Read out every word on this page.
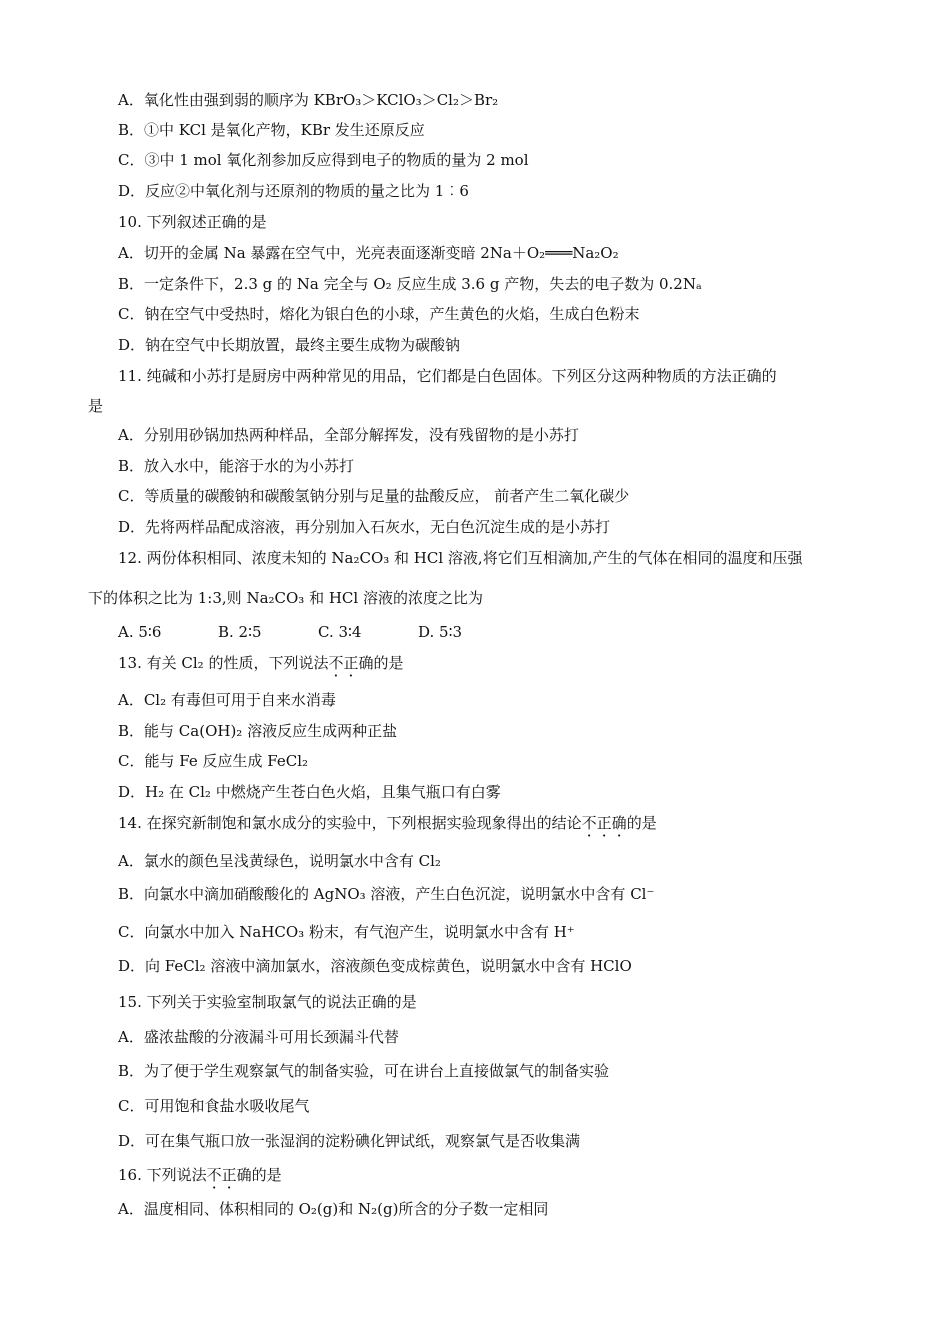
A．氧化性由强到弱的顺序为 KBrO₃＞KClO₃＞Cl₂＞Br₂
B．①中 KCl 是氧化产物，KBr 发生还原反应
C．③中 1 mol 氧化剂参加反应得到电子的物质的量为 2 mol
D．反应②中氧化剂与还原剂的物质的量之比为 1︰6
10. 下列叙述正确的是
A．切开的金属 Na 暴露在空气中，光亮表面逐渐变暗 2Na＋O₂═══Na₂O₂
B．一定条件下，2.3 g 的 Na 完全与 O₂ 反应生成 3.6 g 产物，失去的电子数为 0.2Nₐ
C．钠在空气中受热时，熔化为银白色的小球，产生黄色的火焰，生成白色粉末
D．钠在空气中长期放置，最终主要生成物为碳酸钠
11. 纯碱和小苏打是厨房中两种常见的用品，它们都是白色固体。下列区分这两种物质的方法正确的
是
A．分别用砂锅加热两种样品，全部分解挥发，没有残留物的是小苏打
B．放入水中，能溶于水的为小苏打
C．等质量的碳酸钠和碳酸氢钠分别与足量的盐酸反应， 前者产生二氧化碳少
D．先将两样品配成溶液，再分别加入石灰水，无白色沉淀生成的是小苏打
12. 两份体积相同、浓度未知的 Na₂CO₃ 和 HCl 溶液,将它们互相滴加,产生的气体在相同的温度和压强
下的体积之比为 1:3,则 Na₂CO₃ 和 HCl 溶液的浓度之比为
A. 5∶6	B. 2∶5	C. 3∶4	D. 5∶3
13. 有关 Cl₂ 的性质，下列说法不正确的是
A．Cl₂ 有毒但可用于自来水消毒
B．能与 Ca(OH)₂ 溶液反应生成两种正盐
C．能与 Fe 反应生成 FeCl₂
D．H₂ 在 Cl₂ 中燃烧产生苍白色火焰，且集气瓶口有白雾
14. 在探究新制饱和氯水成分的实验中，下列根据实验现象得出的结论不正确的是
A．氯水的颜色呈浅黄绿色，说明氯水中含有 Cl₂
B．向氯水中滴加硝酸酸化的 AgNO₃ 溶液，产生白色沉淀，说明氯水中含有 Cl⁻
C．向氯水中加入 NaHCO₃ 粉末，有气泡产生，说明氯水中含有 H⁺
D．向 FeCl₂ 溶液中滴加氯水，溶液颜色变成棕黄色，说明氯水中含有 HClO
15. 下列关于实验室制取氯气的说法正确的是
A．盛浓盐酸的分液漏斗可用长颈漏斗代替
B．为了便于学生观察氯气的制备实验，可在讲台上直接做氯气的制备实验
C．可用饱和食盐水吸收尾气
D．可在集气瓶口放一张湿润的淀粉碘化钾试纸，观察氯气是否收集满
16. 下列说法不正确的是
A．温度相同、体积相同的 O₂(g)和 N₂(g)所含的分子数一定相同
